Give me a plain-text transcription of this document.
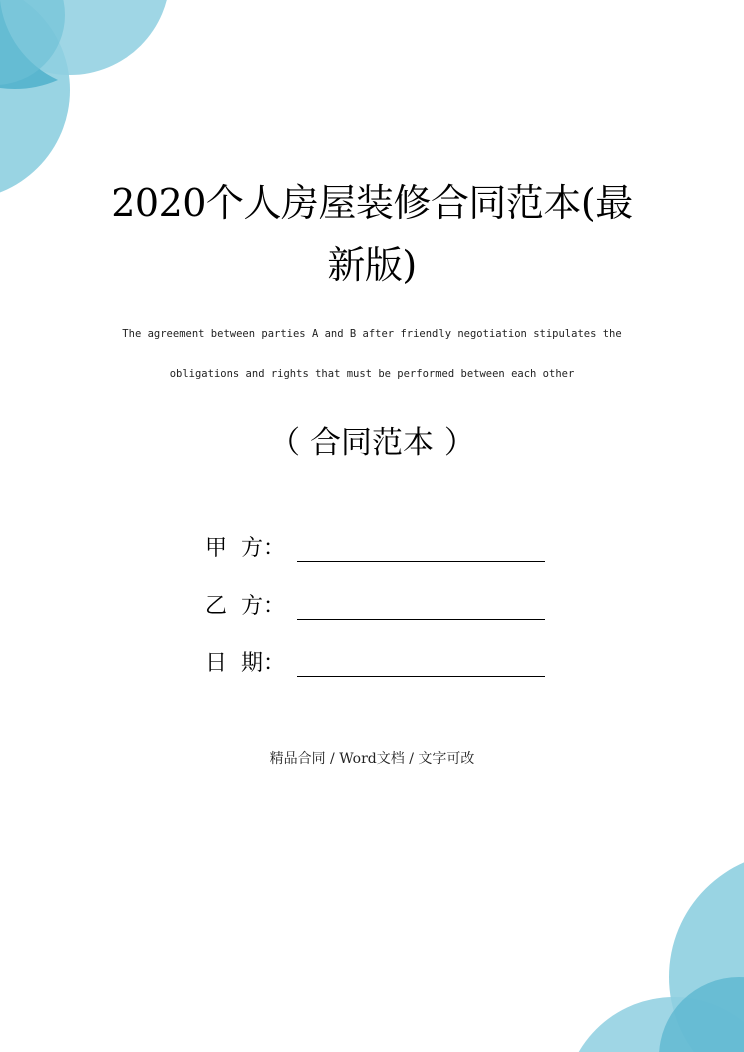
2020个人房屋装修合同范本(最新版)

The agreement between parties A and B after friendly negotiation stipulates the

obligations and rights that must be performed between each other

（ 合同范本 ）

甲  方：
乙  方：
日  期：

精品合同 / Word文档 / 文字可改
